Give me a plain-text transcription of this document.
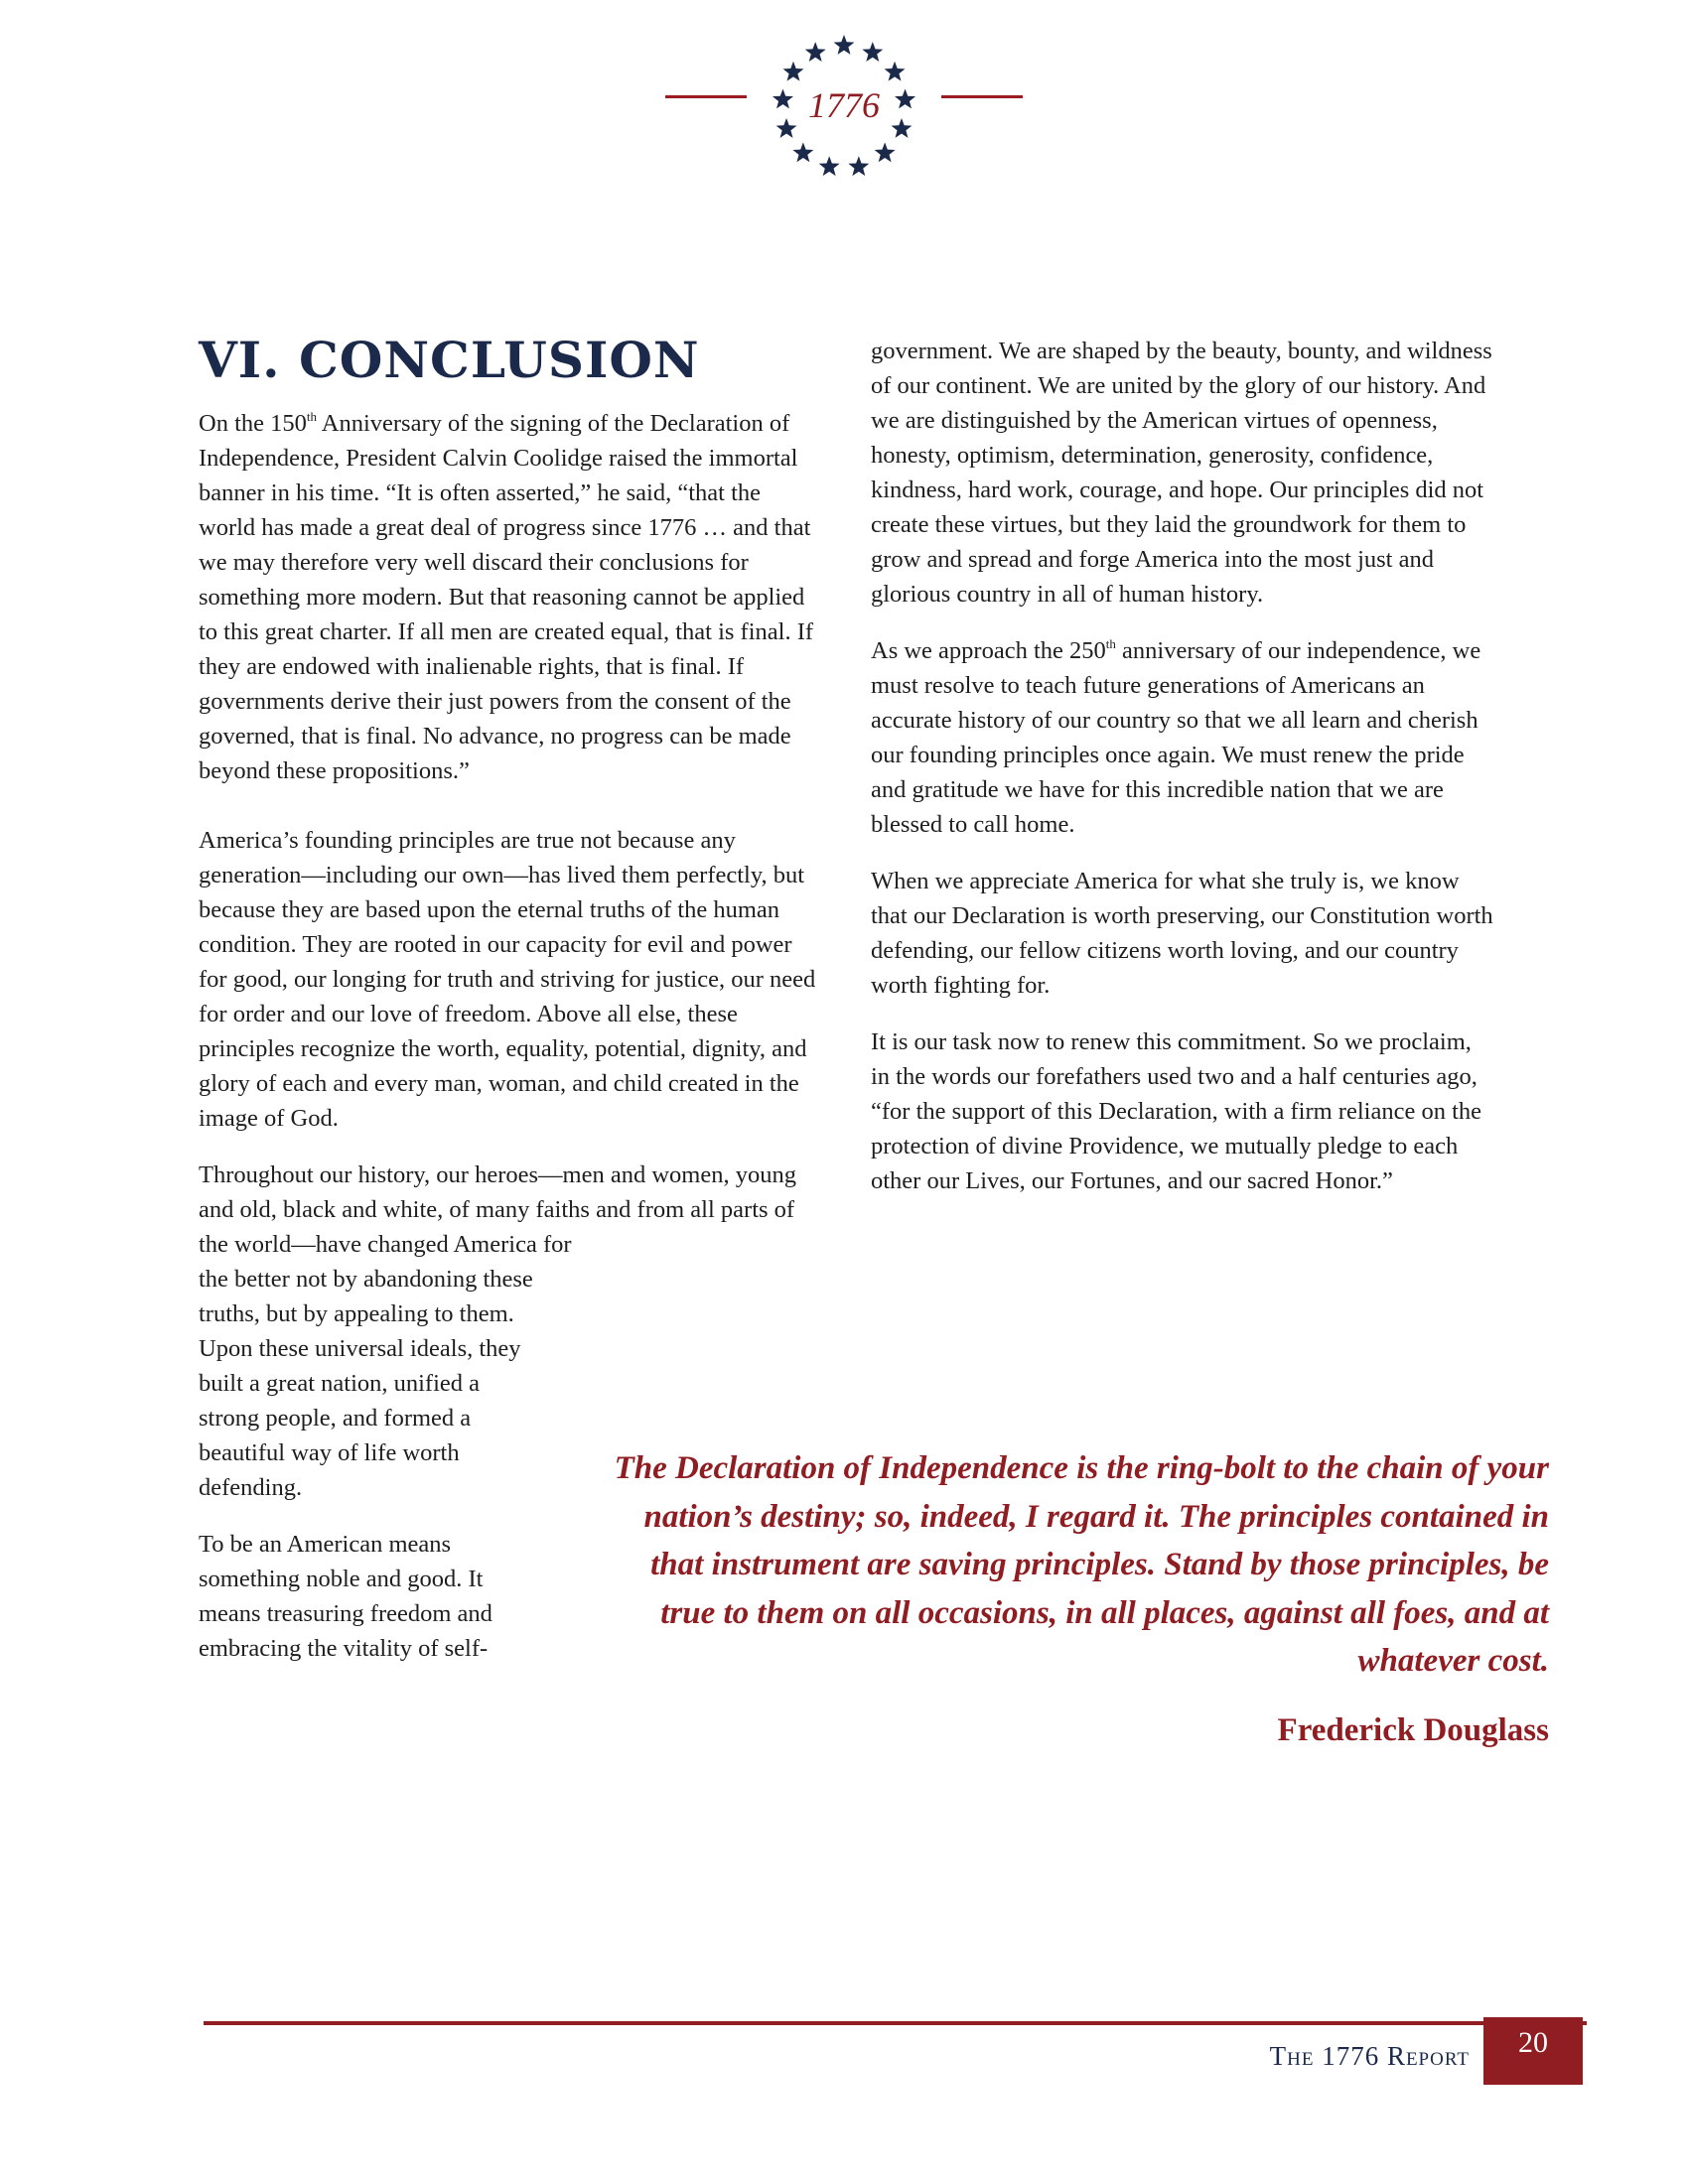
1776
VI. CONCLUSION

On the 150th Anniversary of the signing of the Declaration of Independence, President Calvin Coolidge raised the immortal banner in his time. “It is often asserted,” he said, “that the world has made a great deal of progress since 1776 … and that we may therefore very well discard their conclusions for something more modern. But that reasoning cannot be applied to this great charter. If all men are created equal, that is final. If they are endowed with inalienable rights, that is final. If governments derive their just powers from the consent of the governed, that is final. No advance, no progress can be made beyond these propositions.”

America’s founding principles are true not because any generation—including our own—has lived them perfectly, but because they are based upon the eternal truths of the human condition. They are rooted in our capacity for evil and power for good, our longing for truth and striving for justice, our need for order and our love of freedom. Above all else, these principles recognize the worth, equality, potential, dignity, and glory of each and every man, woman, and child created in the image of God.

Throughout our history, our heroes—men and women, young and old, black and white, of many faiths and from all parts of the world—have changed America for
the better not by abandoning these truths, but by appealing to them. Upon these universal ideals, they built a great nation, unified a strong people, and formed a beautiful way of life worth defending.

To be an American means something noble and good. It means treasuring freedom and embracing the vitality of self-

government. We are shaped by the beauty, bounty, and wildness of our continent. We are united by the glory of our history. And we are distinguished by the American virtues of openness, honesty, optimism, determination, generosity, confidence, kindness, hard work, courage, and hope. Our principles did not create these virtues, but they laid the groundwork for them to grow and spread and forge America into the most just and glorious country in all of human history.

As we approach the 250th anniversary of our independence, we must resolve to teach future generations of Americans an accurate history of our country so that we all learn and cherish our founding principles once again. We must renew the pride and gratitude we have for this incredible nation that we are blessed to call home.

When we appreciate America for what she truly is, we know that our Declaration is worth preserving, our Constitution worth defending, our fellow citizens worth loving, and our country worth fighting for.

It is our task now to renew this commitment. So we proclaim, in the words our forefathers used two and a half centuries ago, “for the support of this Declaration, with a firm reliance on the protection of divine Providence, we mutually pledge to each other our Lives, our Fortunes, and our sacred Honor.”

The Declaration of Independence is the ring-bolt to the chain of your nation’s destiny; so, indeed, I regard it. The principles contained in that instrument are saving principles. Stand by those principles, be true to them on all occasions, in all places, against all foes, and at whatever cost.
Frederick Douglass
The 1776 Report	20
